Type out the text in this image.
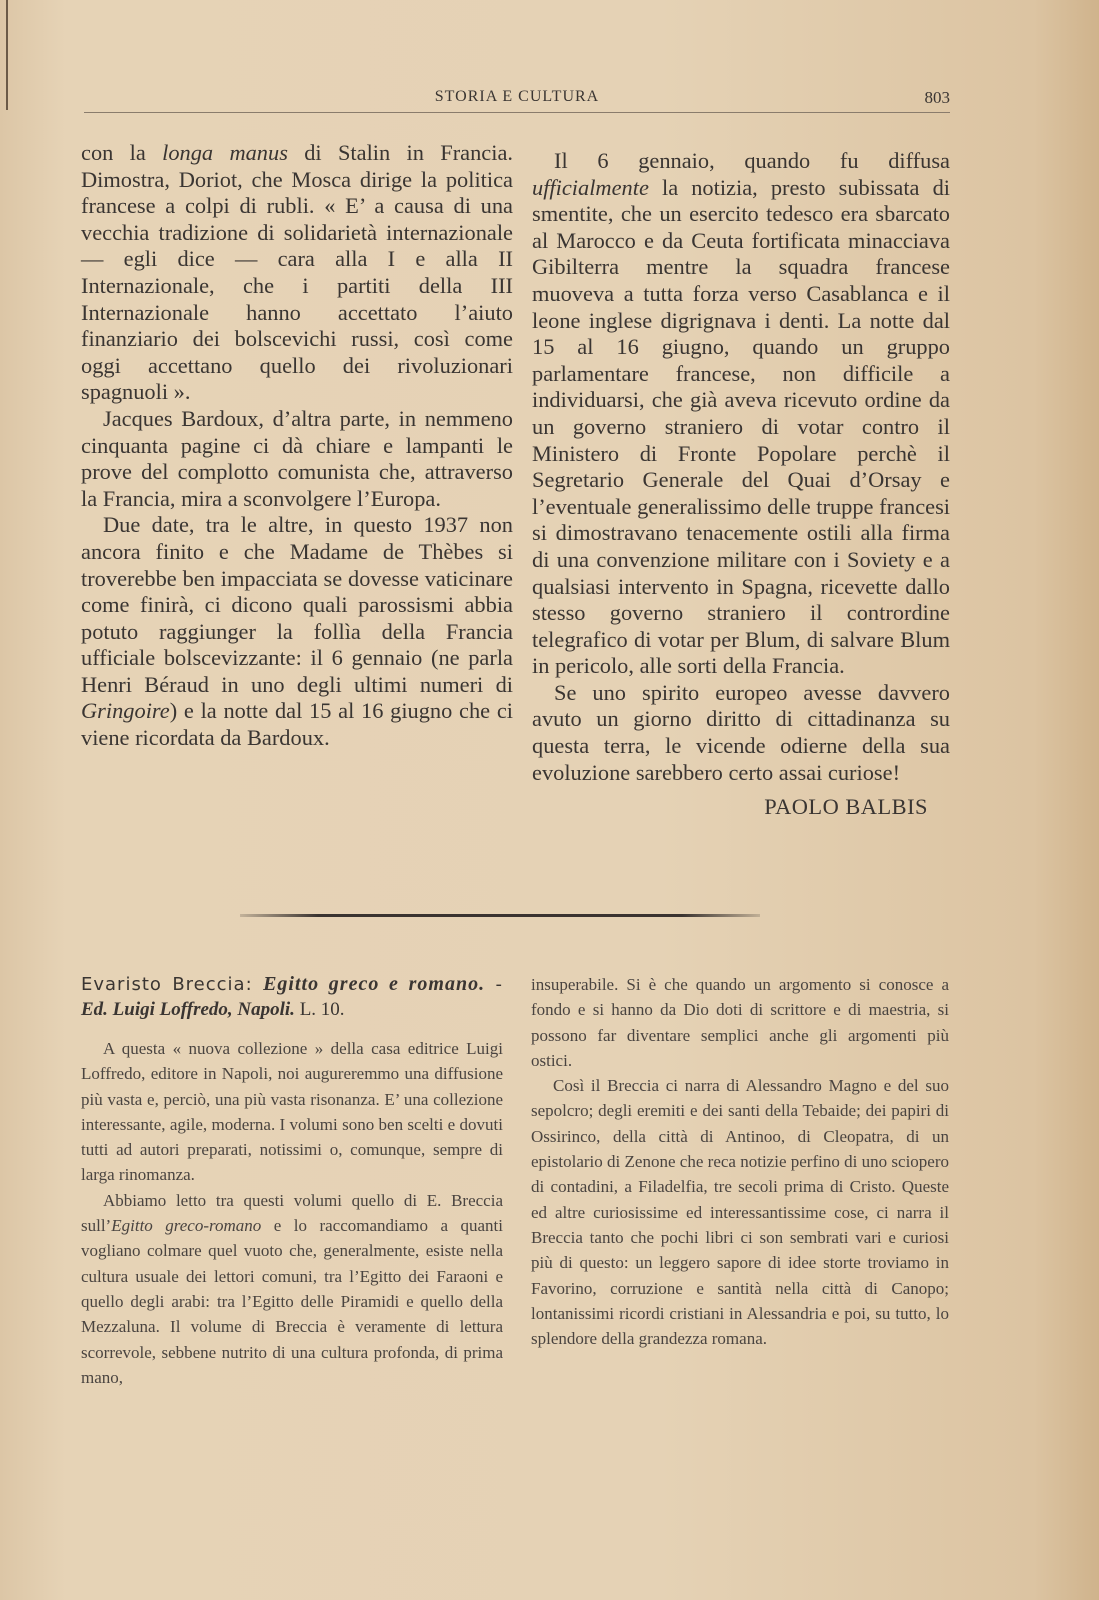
STORIA E CULTURA	803

con la longa manus di Stalin in Francia. Dimostra, Doriot, che Mosca dirige la politica francese a colpi di rubli. « E’ a causa di una vecchia tradizione di solidarietà internazionale — egli dice — cara alla I e alla II Internazionale, che i partiti della III Internazionale hanno accettato l’aiuto finanziario dei bolscevichi russi, così come oggi accettano quello dei rivoluzionari spagnuoli ».

Jacques Bardoux, d’altra parte, in nemmeno cinquanta pagine ci dà chiare e lampanti le prove del complotto comunista che, attraverso la Francia, mira a sconvolgere l’Europa.

Due date, tra le altre, in questo 1937 non ancora finito e che Madame de Thèbes si troverebbe ben impacciata se dovesse vaticinare come finirà, ci dicono quali parossismi abbia potuto raggiunger la follìa della Francia ufficiale bolscevizzante: il 6 gennaio (ne parla Henri Béraud in uno degli ultimi numeri di Gringoire) e la notte dal 15 al 16 giugno che ci viene ricordata da Bardoux.

Il 6 gennaio, quando fu diffusa ufficialmente la notizia, presto subissata di smentite, che un esercito tedesco era sbarcato al Marocco e da Ceuta fortificata minacciava Gibilterra mentre la squadra francese muoveva a tutta forza verso Casablanca e il leone inglese digrignava i denti. La notte dal 15 al 16 giugno, quando un gruppo parlamentare francese, non difficile a individuarsi, che già aveva ricevuto ordine da un governo straniero di votar contro il Ministero di Fronte Popolare perchè il Segretario Generale del Quai d’Orsay e l’eventuale generalissimo delle truppe francesi si dimostravano tenacemente ostili alla firma di una convenzione militare con i Soviety e a qualsiasi intervento in Spagna, ricevette dallo stesso governo straniero il contrordine telegrafico di votar per Blum, di salvare Blum in pericolo, alle sorti della Francia.

Se uno spirito europeo avesse davvero avuto un giorno diritto di cittadinanza su questa terra, le vicende odierne della sua evoluzione sarebbero certo assai curiose!

PAOLO BALBIS

Evaristo Breccia: Egitto greco e romano. - Ed. Luigi Loffredo, Napoli. L. 10.

A questa « nuova collezione » della casa editrice Luigi Loffredo, editore in Napoli, noi augureremmo una diffusione più vasta e, perciò, una più vasta risonanza. E’ una collezione interessante, agile, moderna. I volumi sono ben scelti e dovuti tutti ad autori preparati, notissimi o, comunque, sempre di larga rinomanza.

Abbiamo letto tra questi volumi quello di E. Breccia sull’Egitto greco-romano e lo raccomandiamo a quanti vogliano colmare quel vuoto che, generalmente, esiste nella cultura usuale dei lettori comuni, tra l’Egitto dei Faraoni e quello degli arabi: tra l’Egitto delle Piramidi e quello della Mezzaluna. Il volume di Breccia è veramente di lettura scorrevole, sebbene nutrito di una cultura profonda, di prima mano,

insuperabile. Si è che quando un argomento si conosce a fondo e si hanno da Dio doti di scrittore e di maestria, si possono far diventare semplici anche gli argomenti più ostici.

Così il Breccia ci narra di Alessandro Magno e del suo sepolcro; degli eremiti e dei santi della Tebaide; dei papiri di Ossirinco, della città di Antinoo, di Cleopatra, di un epistolario di Zenone che reca notizie perfino di uno sciopero di contadini, a Filadelfia, tre secoli prima di Cristo. Queste ed altre curiosissime ed interessantissime cose, ci narra il Breccia tanto che pochi libri ci son sembrati vari e curiosi più di questo: un leggero sapore di idee storte troviamo in Favorino, corruzione e santità nella città di Canopo; lontanissimi ricordi cristiani in Alessandria e poi, su tutto, lo splendore della grandezza romana.
